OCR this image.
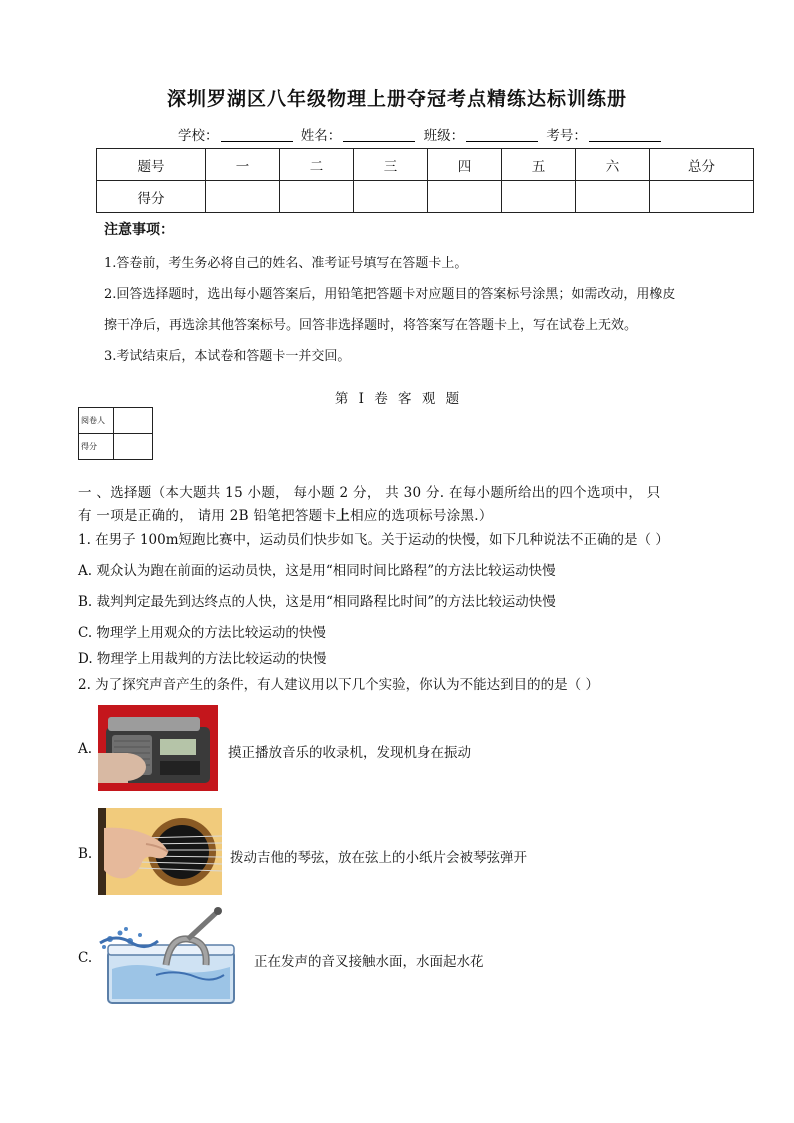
深圳罗湖区八年级物理上册夺冠考点精练达标训练册
学校：	姓名：	班级：	考号：
题号	一	二	三	四	五	六	总分
得分							
注意事项：
1.答卷前，考生务必将自己的姓名、准考证号填写在答题卡上。
2.回答选择题时，选出每小题答案后，用铅笔把答题卡对应题目的答案标号涂黑；如需改动，用橡皮
擦干净后，再选涂其他答案标号。回答非选择题时，将答案写在答题卡上，写在试卷上无效。
3.考试结束后，本试卷和答题卡一并交回。
第 I 卷 客 观 题
阅卷人	
得分	
一 、选择题（本大题共 15 小题， 每小题 2 分， 共 30 分. 在每小题所给出的四个选项中， 只
有 一项是正确的， 请用 2B 铅笔把答题卡上相应的选项标号涂黑.）
1. 在男子 100m短跑比赛中，运动员们快步如飞。关于运动的快慢，如下几种说法不正确的是（ ）
A. 观众认为跑在前面的运动员快，这是用“相同时间比路程”的方法比较运动快慢
B. 裁判判定最先到达终点的人快，这是用“相同路程比时间”的方法比较运动快慢
C. 物理学上用观众的方法比较运动的快慢
D. 物理学上用裁判的方法比较运动的快慢
2. 为了探究声音产生的条件，有人建议用以下几个实验，你认为不能达到目的的是（ ）
A.	摸正播放音乐的收录机，发现机身在振动
B.	拨动吉他的琴弦，放在弦上的小纸片会被琴弦弹开
C.	正在发声的音叉接触水面，水面起水花
